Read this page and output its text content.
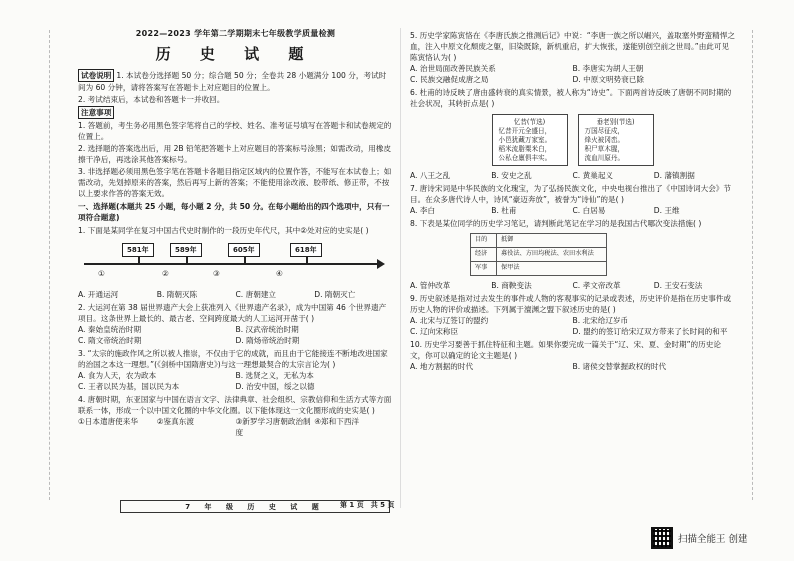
2022—2023 学年第二学期期末七年级教学质量检测
历 史 试 题

试卷说明 1. 本试卷分选择题 50 分；综合题 50 分；全卷共 28 小题满分 100 分，考试时间为 60 分钟，请将答案写在答题卡上对应题目的位置上。

2. 考试结束后，本试卷和答题卡一并收回。

注意事项

1. 答题前，考生务必用黑色签字笔将自己的学校、姓名、准考证号填写在答题卡和试卷规定的位置上。

2. 选择题的答案选出后，用 2B 铅笔把答题卡上对应题目的答案标号涂黑；如需改动，用橡皮擦干净后，再选涂其他答案标号。

3. 非选择题必须用黑色签字笔在答题卡各题目指定区域内的位置作答，不能写在本试卷上；如需改动，先划掉原来的答案，然后再写上新的答案；不能使用涂改液、胶带纸、修正带，不按以上要求作答的答案无效。

一、选择题(本题共 25 小题，每小题 2 分，共 50 分。在每小题给出的四个选项中，只有一项符合题意)

1. 下面是某同学在复习中国古代史时制作的一段历史年代尺，其中②处对应的史实是( )

581年	589年	605年	618年
①	②	③	④
A. 开通运河	B. 隋朝灭陈	C. 唐朝建立	D. 隋朝灭亡

2. 大运河在第 38 届世界遗产大会上获准列入《世界遗产名录》，成为中国第 46 个世界遗产项目。这条世界上最长的、最古老、空间跨度最大的人工运河开凿于( )

A. 秦始皇统治时期	B. 汉武帝统治时期
C. 隋文帝统治时期	D. 隋炀帝统治时期

3. “太宗的施政作风之所以被人推崇，不仅由于它的成就，而且由于它能接连不断地改进国家的治国之本这一理想。”(《剑桥中国隋唐史》)与这一理想最契合的太宗言论为( )

A. 食为人天，农为政本	B. 选贤之义，无私为本
C. 王者以民为基，国以民为本	D. 治安中国，绥之以德

4. 唐朝时期，东亚国家与中国在语言文字、法律典章、社会组织、宗教信仰和生活方式等方面联系一体，形成一个以中国文化圈的中华文化圈。以下能体现这一文化圈形成的史实是( )

①日本遣唐使来华	②鉴真东渡	③新罗学习唐朝政治制度
④郑和下西洋
7 年 级 历 史 试 题 第 1 页　共 5 页

5. 历史学家陈寅恪在《李唐氏族之推测后记》中说：“李唐一族之所以崛兴，盖取塞外野蛮精悍之血，注入中原文化颓废之躯，旧染既除，新机重启，扩大恢张，遂能别创空前之世局。”由此可见陈寅恪认为( )

A. 治世局面改善民族关系	B. 李唐实为胡人王朝
C. 民族交融促成唐之局	D. 中原文明势衰已除

6. 杜甫的诗反映了唐由盛转衰的真实情景，被人称为“诗史”。下面两首诗反映了唐朝不同时期的社会状况，其转折点是( )

忆昔(节选)
忆昔开元全盛日，
小邑犹藏万家室。
稻米流脂粟米白，
公私仓廪俱丰实。
垂老别(节选)
万国尽征戍，
烽火被冈峦。
积尸草木腥，
流血川原丹。
A. 八王之乱	B. 安史之乱	C. 黄巢起义	D. 藩镇割据

7. 唐诗宋词是中华民族的文化瑰宝，为了弘扬民族文化，中央电视台推出了《中国诗词大会》节目。在众多唐代诗人中，诗风“豪迈奔放”，被誉为“诗仙”的是( )

A. 李白	B. 杜甫	C. 白居易	D. 王维

8. 下表是某位同学的历史学习笔记，请判断此笔记在学习的是我国古代哪次变法措施( )

目的	抵御
经济	募役法、方田均税法、农田水利法
军事	保甲法
A. 管仲改革	B. 商鞅变法	C. 孝文帝改革	D. 王安石变法

9. 历史叙述是指对过去发生的事件或人物的客观事实的记录或表述，历史评价是指在历史事件或历史人物的评价或描述。下列属于澶渊之盟下叙述历史的是( )

A. 北宋与辽签订的盟约	B. 北宋给辽岁币
C. 辽向宋称臣	D. 盟约的签订给宋辽双方带来了长时间的和平

10. 历史学习要善于抓住特征和主题。如果你要完成一篇关于“辽、宋、夏、金时期”的历史论文，你可以确定的论文主题是( )

A. 地方割据的时代	B. 诸侯交替掌握政权的时代
扫描全能王 创建
